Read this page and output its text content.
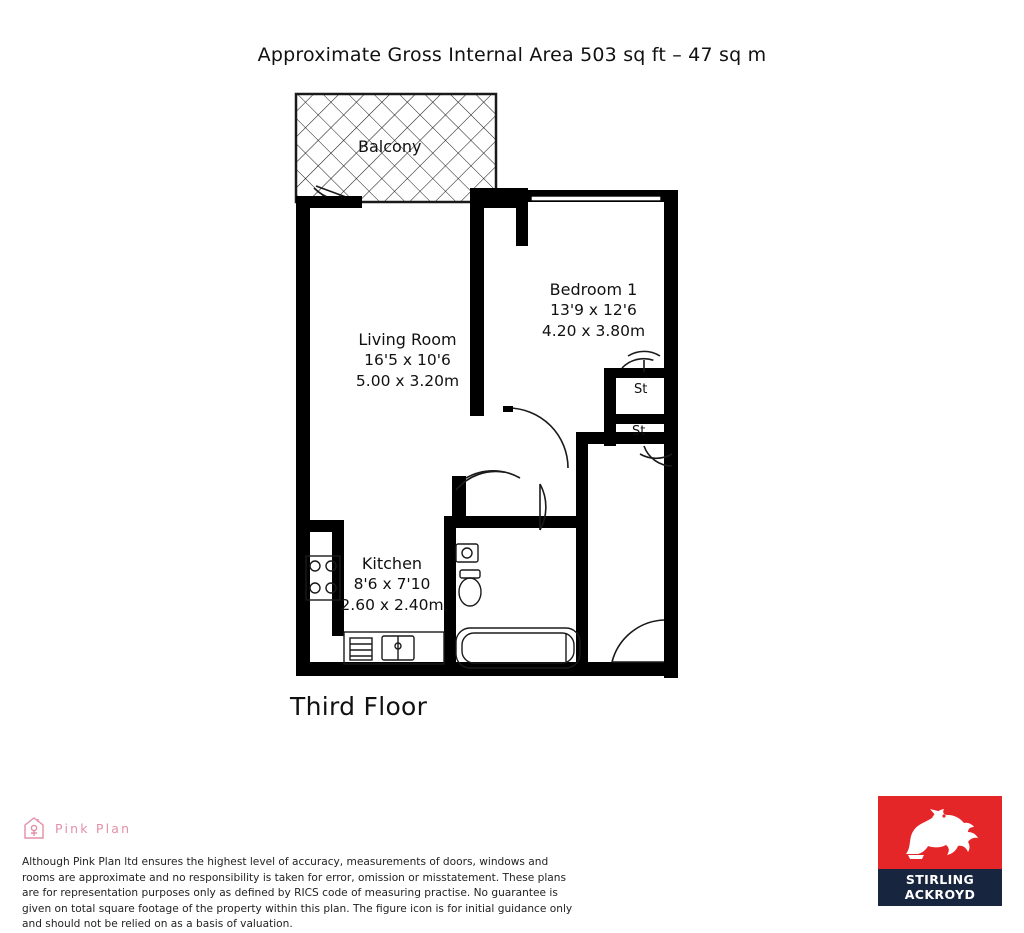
Approximate Gross Internal Area 503 sq ft – 47 sq m
Balcony
Living Room
16'5 x 10'6
5.00 x 3.20m
Bedroom 1
13'9 x 12'6
4.20 x 3.80m
Kitchen
8'6 x 7'10
2.60 x 2.40m
St
St
Third Floor
Pink Plan
Although Pink Plan ltd ensures the highest level of accuracy, measurements of doors, windows and rooms are approximate and no responsibility is taken for error, omission or misstatement. These plans are for representation purposes only as defined by RICS code of measuring practise. No guarantee is given on total square footage of the property within this plan. The figure icon is for initial guidance only and should not be relied on as a basis of valuation.
STIRLING
ACKROYD
